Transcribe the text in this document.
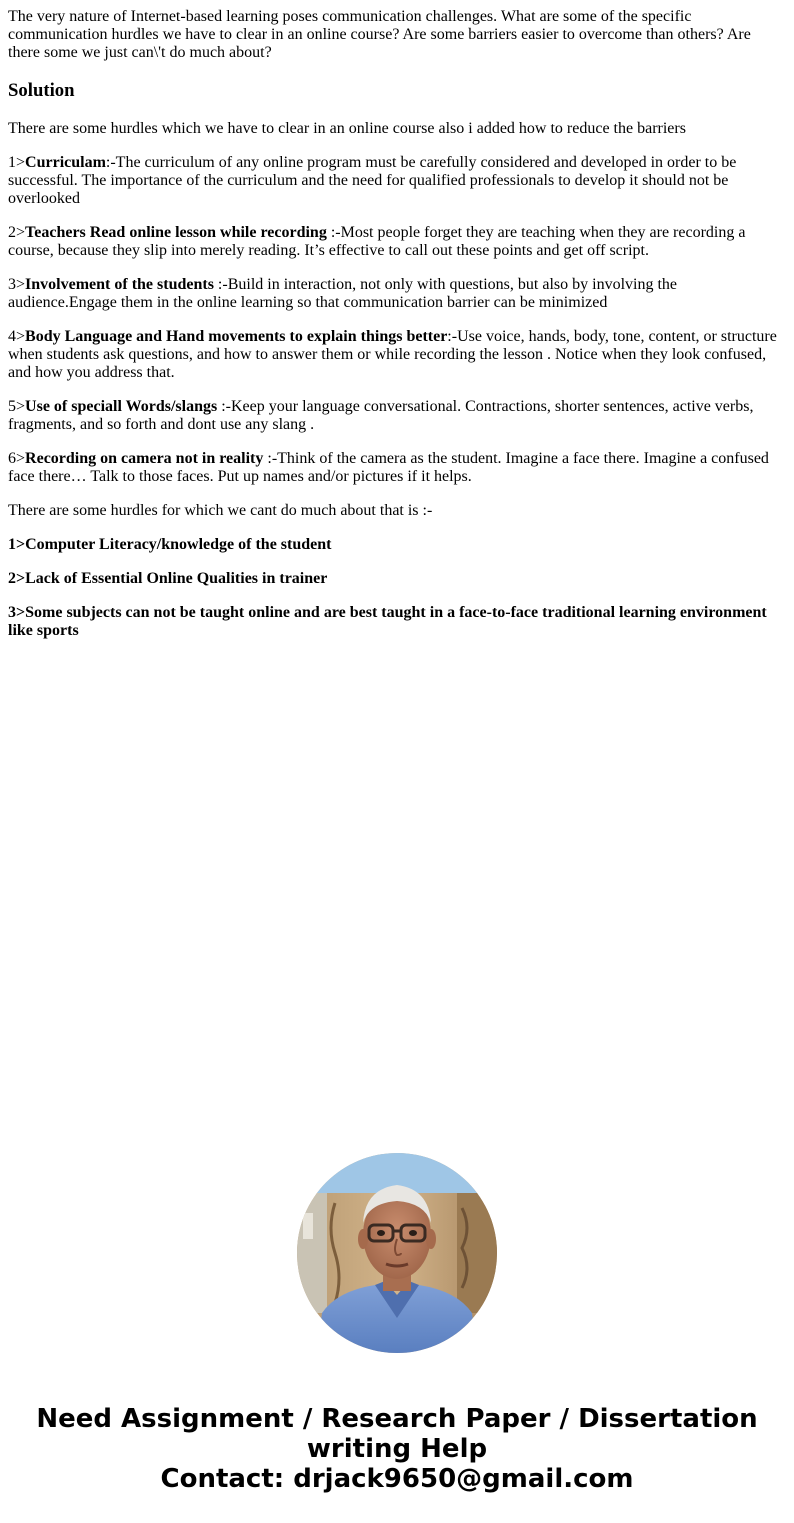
The very nature of Internet-based learning poses communication challenges. What are some of the specific communication hurdles we have to clear in an online course? Are some barriers easier to overcome than others? Are there some we just can\'t do much about?

Solution

There are some hurdles which we have to clear in an online course also i added how to reduce the barriers

1>Curriculam:-The curriculum of any online program must be carefully considered and developed in order to be successful. The importance of the curriculum and the need for qualified professionals to develop it should not be overlooked

2>Teachers Read online lesson while recording :-Most people forget they are teaching when they are recording a course, because they slip into merely reading. It’s effective to call out these points and get off script.

3>Involvement of the students :-Build in interaction, not only with questions, but also by involving the audience.Engage them in the online learning so that communication barrier can be minimized

4>Body Language and Hand movements to explain things better:-Use voice, hands, body, tone, content, or structure when students ask questions, and how to answer them or while recording the lesson . Notice when they look confused, and how you address that.

5>Use of speciall Words/slangs :-Keep your language conversational. Contractions, shorter sentences, active verbs, fragments, and so forth and dont use any slang .

6>Recording on camera not in reality :-Think of the camera as the student. Imagine a face there. Imagine a confused face there… Talk to those faces. Put up names and/or pictures if it helps.

There are some hurdles for which we cant do much about that is :-

1>Computer Literacy/knowledge of the student

2>Lack of Essential Online Qualities in trainer

3>Some subjects can not be taught online and are best taught in a face-to-face traditional learning environment like sports

Need Assignment / Research Paper / Dissertation
writing Help
Contact: drjack9650@gmail.com
